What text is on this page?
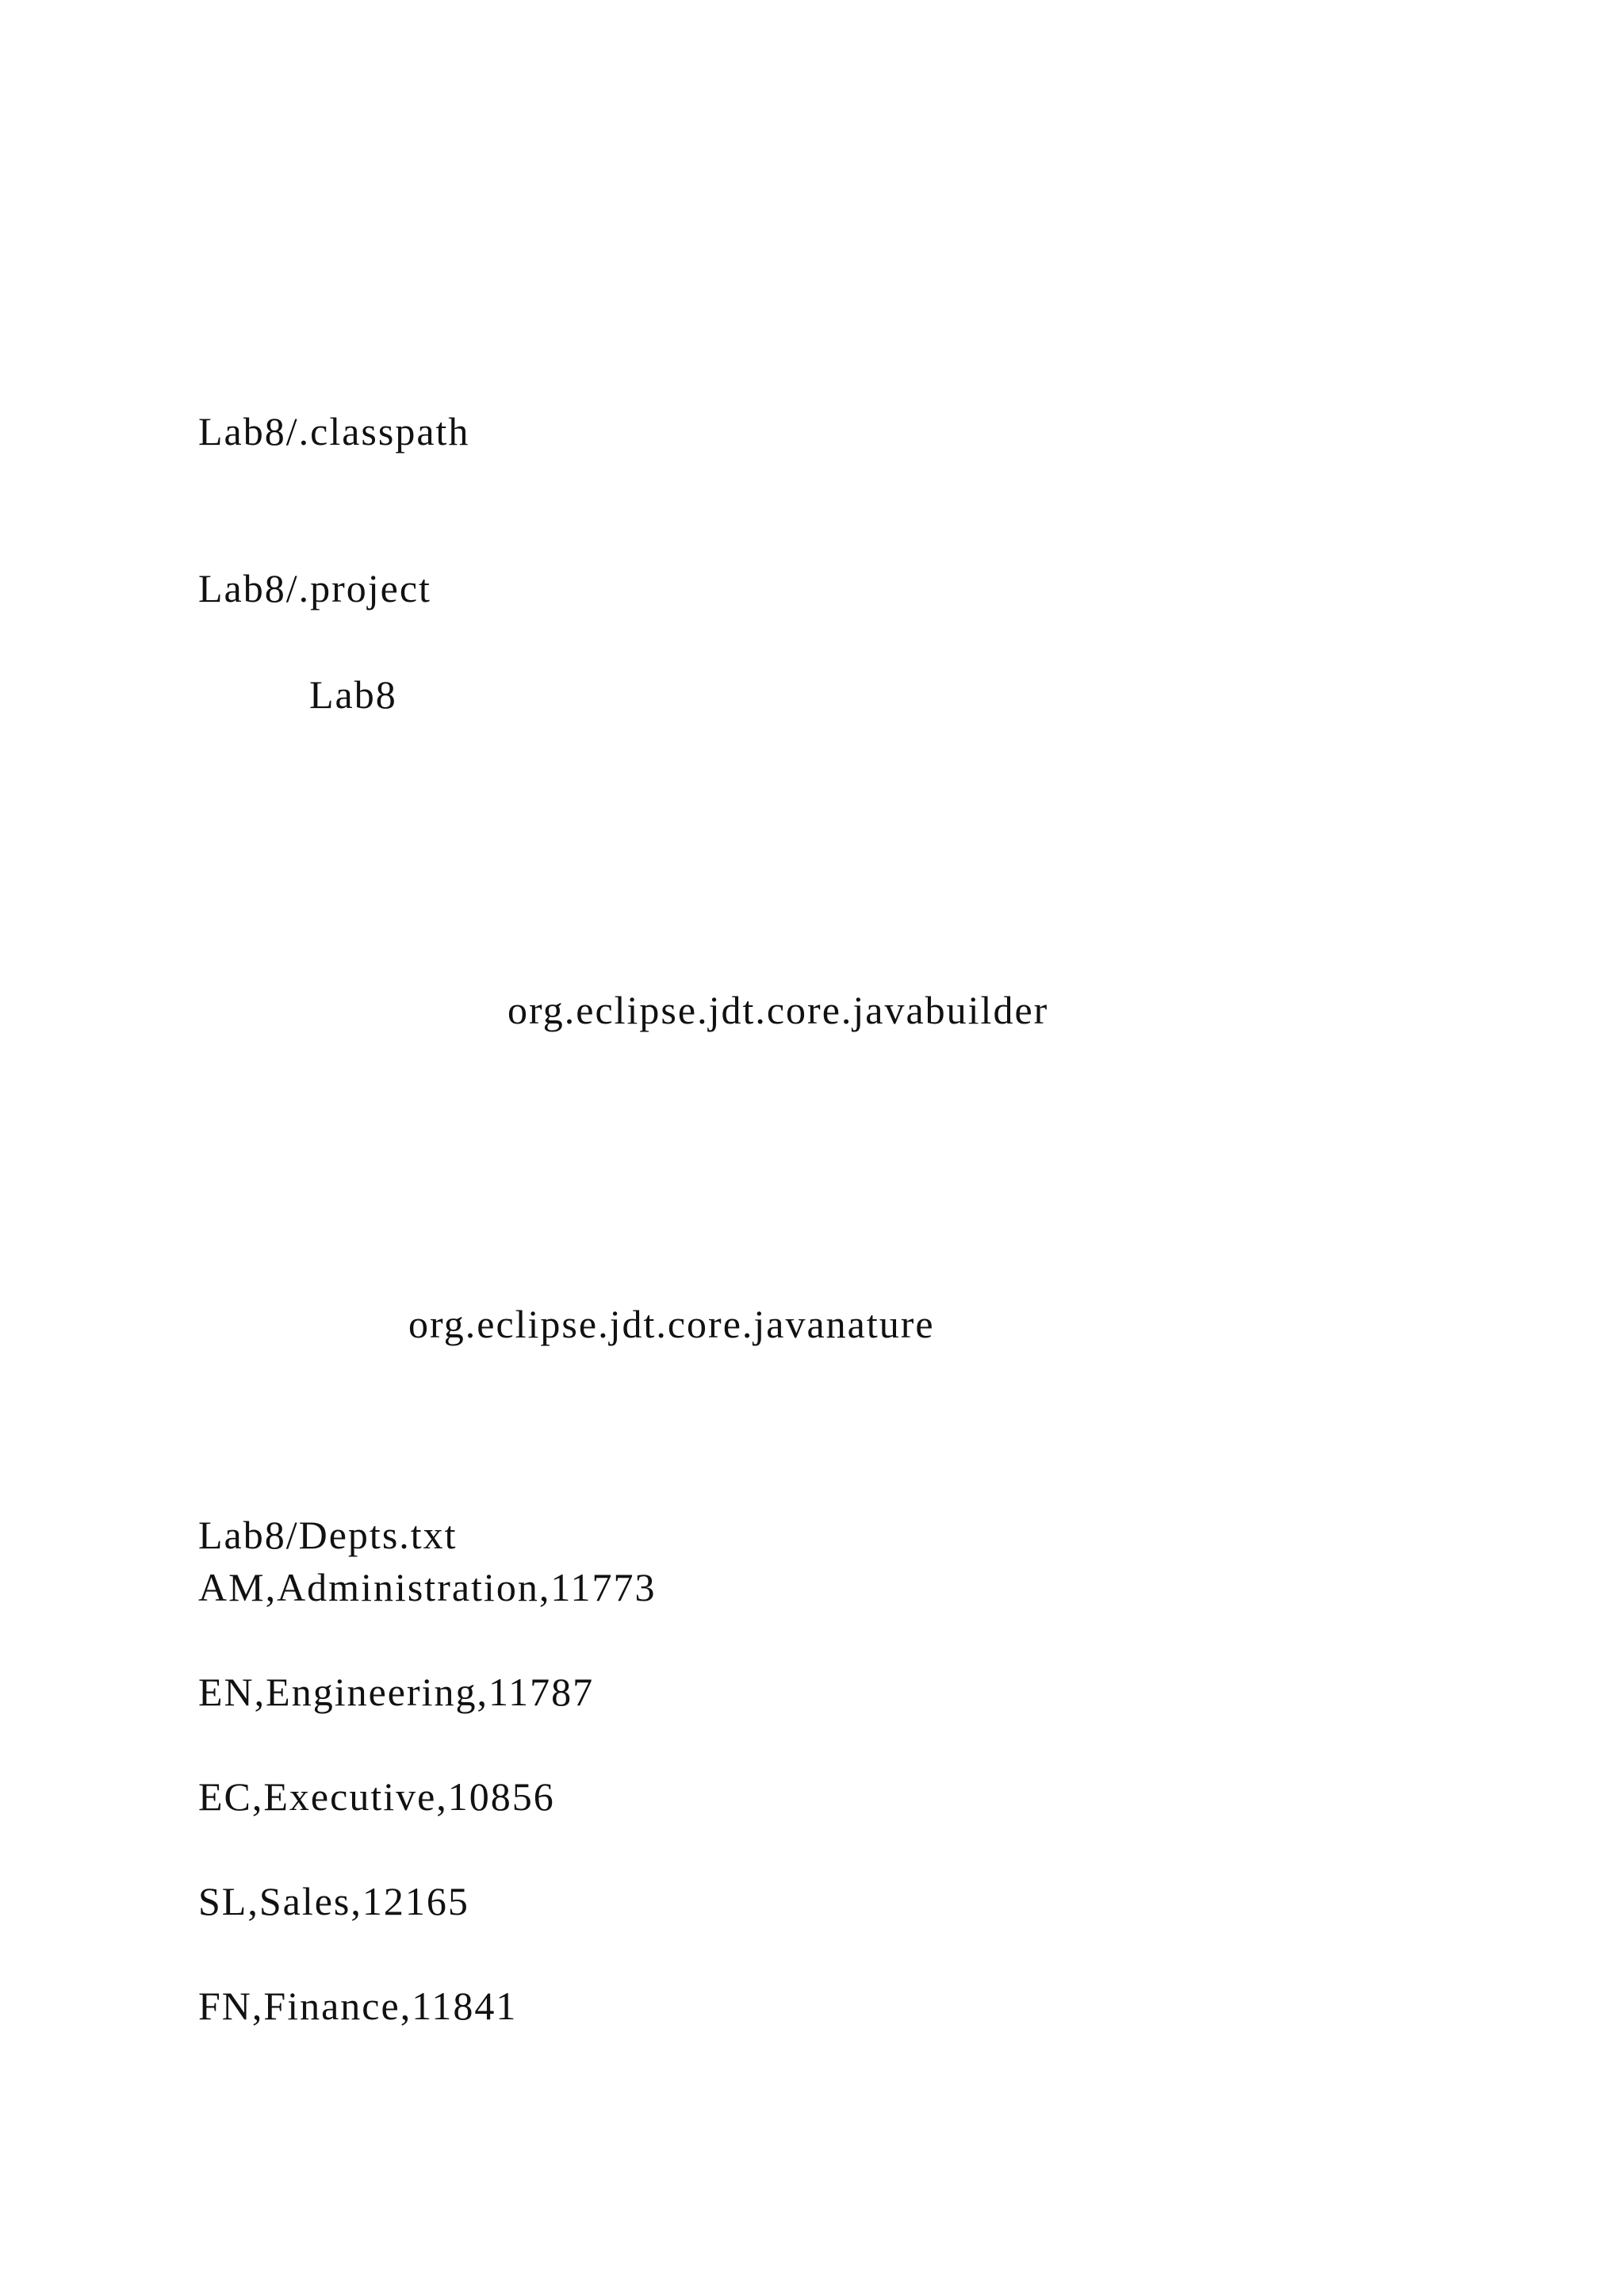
Lab8/.classpath

Lab8/.project

Lab8

org.eclipse.jdt.core.javabuilder

org.eclipse.jdt.core.javanature

Lab8/Depts.txt

AM,Administration,11773

EN,Engineering,11787

EC,Executive,10856

SL,Sales,12165

FN,Finance,11841
